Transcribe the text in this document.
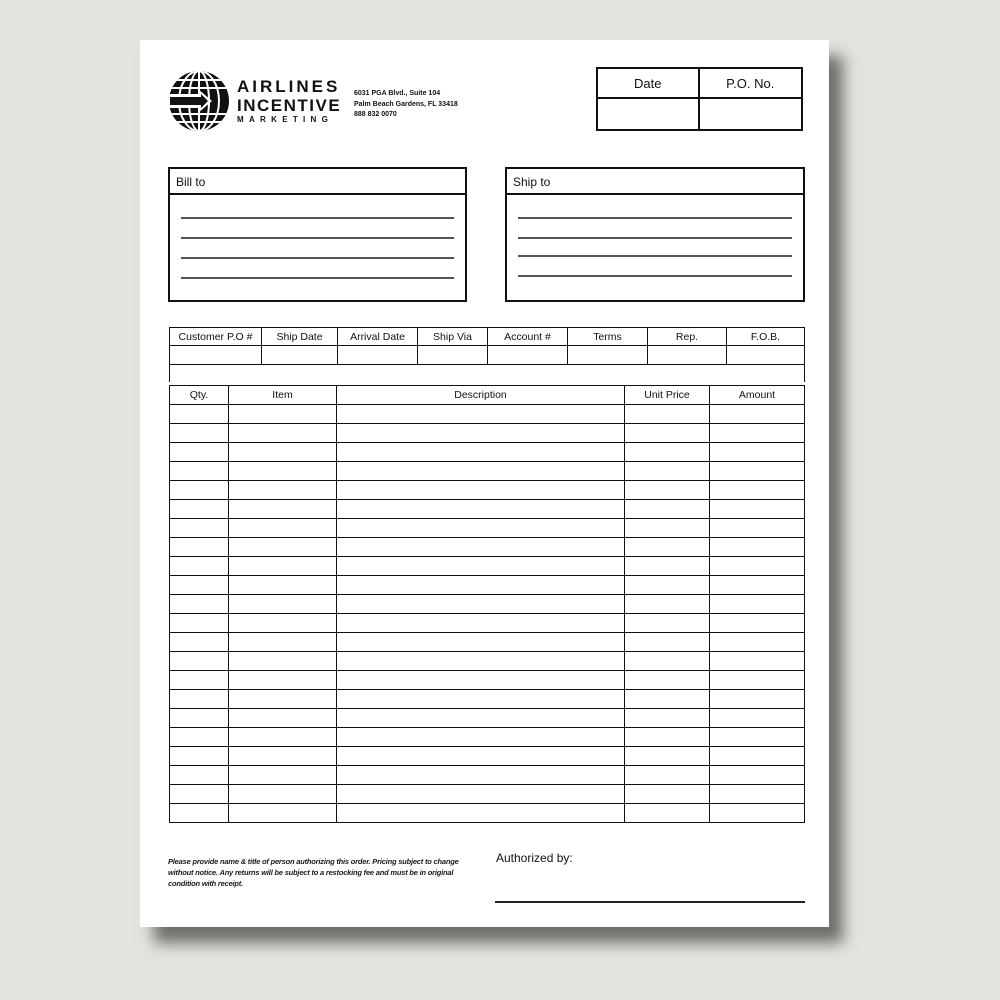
AIRLINES
INCENTIVE
MARKETING
6031 PGA Blvd., Suite 104
Palm Beach Gardens, FL 33418
888 832 0070
Date	P.O. No.
Bill to	Ship to
Customer P.O #	Ship Date	Arrival Date	Ship Via	Account #	Terms	Rep.	F.O.B.

Qty.	Item	Description	Unit Price	Amount

Please provide name & title of person authorizing this order. Pricing subject to change without notice. Any returns will be subject to a restocking fee and must be in original condition with receipt.
Authorized by:
